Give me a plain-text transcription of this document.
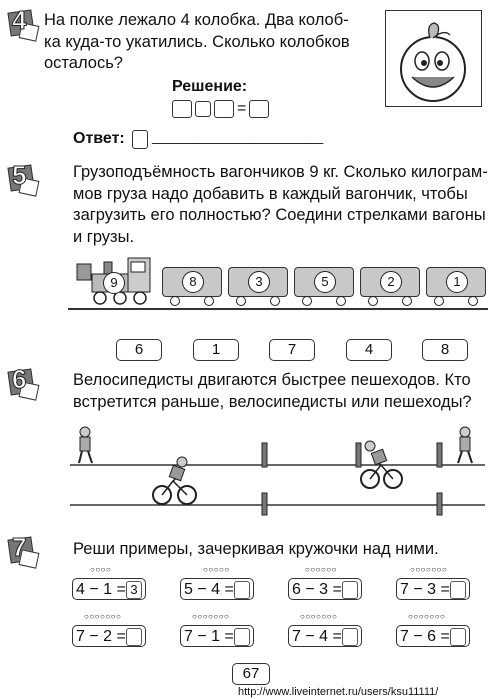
4 На полке лежало 4 колобка. Два колоб-
ка куда-то укатились. Сколько колобков
осталось?
Решение:
=
Ответ: ______________________
5	Грузоподъёмность вагончиков 9 кг. Сколько килограм-
мов груза надо добавить в каждый вагончик, чтобы
загрузить его полностью? Соедини стрелками вагоны
и грузы.
9	8	3	5	2	1
6	1	7	4	8
6	Велосипедисты двигаются быстрее пешеходов. Кто
встретится раньше, велосипедисты или пешеходы?
7	Реши примеры, зачеркивая кружочки над ними.
○○○○
4 − 1 = 3
○○○○○
5 − 4 =
○○○○○○
6 − 3 =
○○○○○○○
7 − 3 =
○○○○○○○
7 − 2 =
○○○○○○○
7 − 1 =
○○○○○○○
7 − 4 =
○○○○○○○
7 − 6 =
67
http://www.liveinternet.ru/users/ksu11111/
